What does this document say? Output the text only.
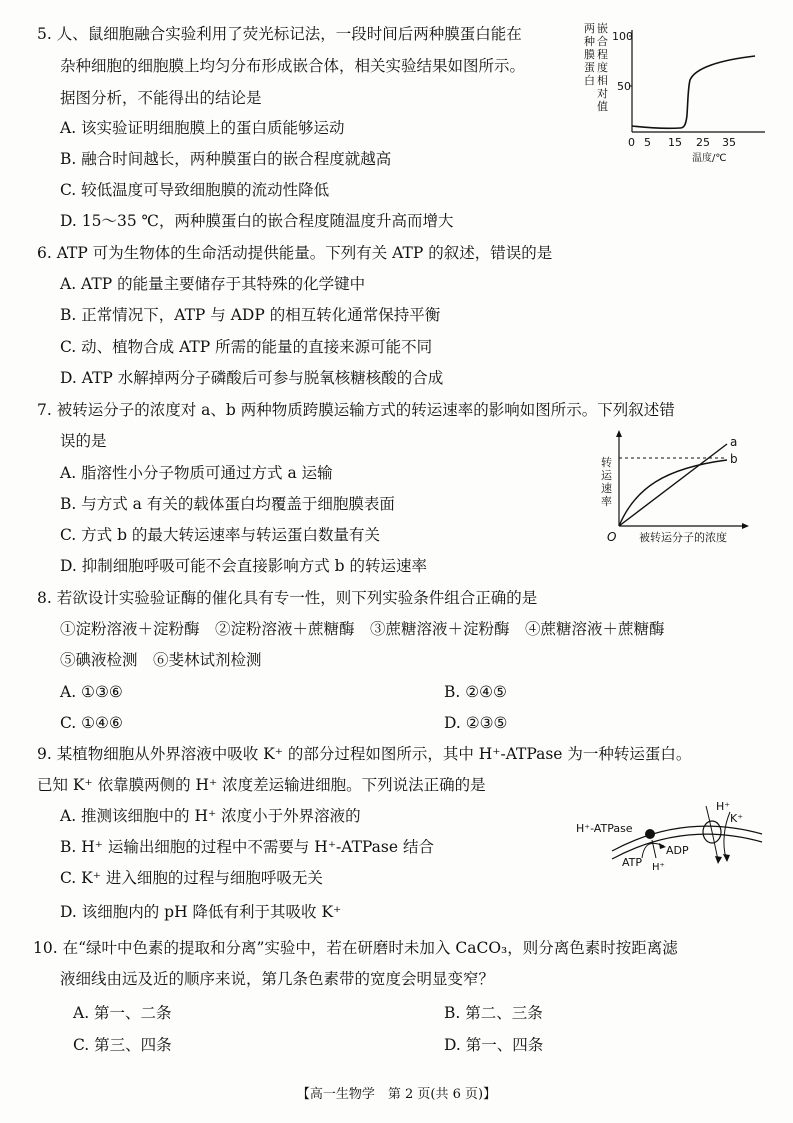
5. 人、鼠细胞融合实验利用了荧光标记法，一段时间后两种膜蛋白能在
杂种细胞的细胞膜上均匀分布形成嵌合体，相关实验结果如图所示。
据图分析，不能得出的结论是
A. 该实验证明细胞膜上的蛋白质能够运动
B. 融合时间越长，两种膜蛋白的嵌合程度就越高
C. 较低温度可导致细胞膜的流动性降低
D. 15～35 ℃，两种膜蛋白的嵌合程度随温度升高而增大
两
种
嵌
合
程
度
膜
蛋
白 相
对
值
100
50
0 5 15 25 35
温度/℃
6. ATP 可为生物体的生命活动提供能量。下列有关 ATP 的叙述，错误的是
A. ATP 的能量主要储存于其特殊的化学键中
B. 正常情况下，ATP 与 ADP 的相互转化通常保持平衡
C. 动、植物合成 ATP 所需的能量的直接来源可能不同
D. ATP 水解掉两分子磷酸后可参与脱氧核糖核酸的合成
7. 被转运分子的浓度对 a、b 两种物质跨膜运输方式的转运速率的影响如图所示。下列叙述错
误的是
A. 脂溶性小分子物质可通过方式 a 运输
B. 与方式 a 有关的载体蛋白均覆盖于细胞膜表面
C. 方式 b 的最大转运速率与转运蛋白数量有关
D. 抑制细胞呼吸可能不会直接影响方式 b 的转运速率
转
运
速
率
a
b
O 被转运分子的浓度
8. 若欲设计实验验证酶的催化具有专一性，则下列实验条件组合正确的是
①淀粉溶液＋淀粉酶　②淀粉溶液＋蔗糖酶　③蔗糖溶液＋淀粉酶　④蔗糖溶液＋蔗糖酶
⑤碘液检测　⑥斐林试剂检测
A. ①③⑥	B. ②④⑤
C. ①④⑥	D. ②③⑤
9. 某植物细胞从外界溶液中吸收 K⁺ 的部分过程如图所示，其中 H⁺-ATPase 为一种转运蛋白。
已知 K⁺ 依靠膜两侧的 H⁺ 浓度差运输进细胞。下列说法正确的是
A. 推测该细胞中的 H⁺ 浓度小于外界溶液的
B. H⁺ 运输出细胞的过程中不需要与 H⁺-ATPase 结合
C. K⁺ 进入细胞的过程与细胞呼吸无关
D. 该细胞内的 pH 降低有利于其吸收 K⁺
H⁺-ATPase
ADP
ATP H⁺
H⁺
K⁺
10. 在“绿叶中色素的提取和分离”实验中，若在研磨时未加入 CaCO₃，则分离色素时按距离滤
液细线由远及近的顺序来说，第几条色素带的宽度会明显变窄？
A. 第一、二条	B. 第二、三条
C. 第三、四条	D. 第一、四条
【高一生物学　第 2 页(共 6 页)】
